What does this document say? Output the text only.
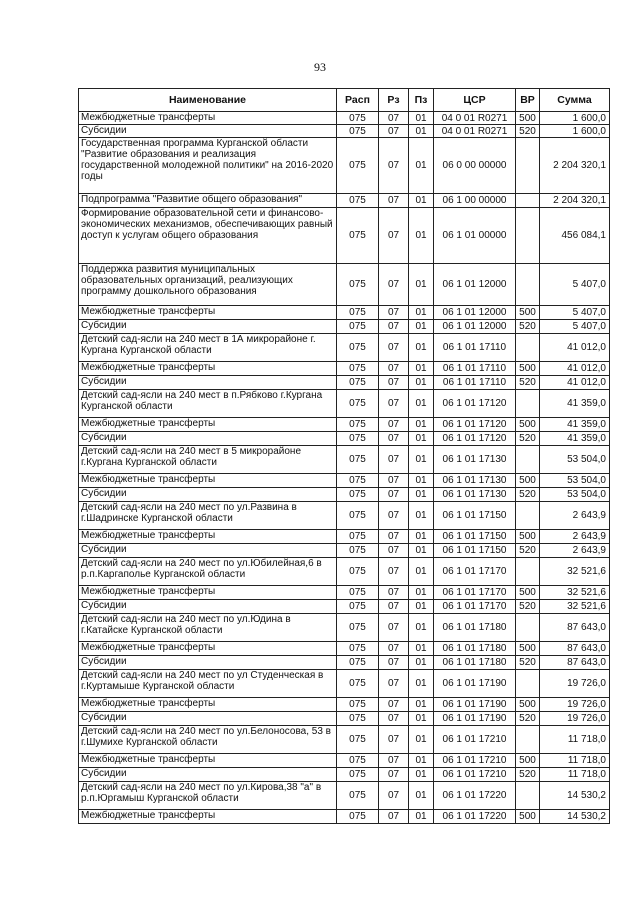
93
Наименование	Расп	Рз	Пз	ЦСР	ВР	Сумма
Межбюджетные трансферты	075	07	01	04 0 01 R0271	500	1 600,0
Субсидии	075	07	01	04 0 01 R0271	520	1 600,0
Государственная программа Курганской области "Развитие образования и реализация государственной молодежной политики" на 2016-2020 годы	075	07	01	06 0 00 00000		2 204 320,1
Подпрограмма "Развитие общего образования"	075	07	01	06 1 00 00000		2 204 320,1
Формирование образовательной сети и финансово-экономических механизмов, обеспечивающих равный доступ к услугам общего образования	075	07	01	06 1 01 00000		456 084,1
Поддержка развития муниципальных образовательных организаций, реализующих программу дошкольного образования	075	07	01	06 1 01 12000		5 407,0
Межбюджетные трансферты	075	07	01	06 1 01 12000	500	5 407,0
Субсидии	075	07	01	06 1 01 12000	520	5 407,0
Детский сад-ясли на 240 мест в 1А микрорайоне г. Кургана Курганской области	075	07	01	06 1 01 17110		41 012,0
Межбюджетные трансферты	075	07	01	06 1 01 17110	500	41 012,0
Субсидии	075	07	01	06 1 01 17110	520	41 012,0
Детский сад-ясли на 240 мест в п.Рябково г.Кургана Курганской области	075	07	01	06 1 01 17120		41 359,0
Межбюджетные трансферты	075	07	01	06 1 01 17120	500	41 359,0
Субсидии	075	07	01	06 1 01 17120	520	41 359,0
Детский сад-ясли на 240 мест в 5 микрорайоне г.Кургана Курганской области	075	07	01	06 1 01 17130		53 504,0
Межбюджетные трансферты	075	07	01	06 1 01 17130	500	53 504,0
Субсидии	075	07	01	06 1 01 17130	520	53 504,0
Детский сад-ясли на 240 мест по ул.Развина в г.Шадринске Курганской области	075	07	01	06 1 01 17150		2 643,9
Межбюджетные трансферты	075	07	01	06 1 01 17150	500	2 643,9
Субсидии	075	07	01	06 1 01 17150	520	2 643,9
Детский сад-ясли на 240 мест по ул.Юбилейная,6 в р.п.Каргаполье Курганской области	075	07	01	06 1 01 17170		32 521,6
Межбюджетные трансферты	075	07	01	06 1 01 17170	500	32 521,6
Субсидии	075	07	01	06 1 01 17170	520	32 521,6
Детский сад-ясли на 240 мест по ул.Юдина в г.Катайске Курганской области	075	07	01	06 1 01 17180		87 643,0
Межбюджетные трансферты	075	07	01	06 1 01 17180	500	87 643,0
Субсидии	075	07	01	06 1 01 17180	520	87 643,0
Детский сад-ясли на 240 мест по ул Студенческая в г.Куртамыше Курганской области	075	07	01	06 1 01 17190		19 726,0
Межбюджетные трансферты	075	07	01	06 1 01 17190	500	19 726,0
Субсидии	075	07	01	06 1 01 17190	520	19 726,0
Детский сад-ясли на 240 мест по ул.Белоносова, 53 в г.Шумихе Курганской области	075	07	01	06 1 01 17210		11 718,0
Межбюджетные трансферты	075	07	01	06 1 01 17210	500	11 718,0
Субсидии	075	07	01	06 1 01 17210	520	11 718,0
Детский сад-ясли на 240 мест по ул.Кирова,38 "а" в р.п.Юргамыш Курганской области	075	07	01	06 1 01 17220		14 530,2
Межбюджетные трансферты	075	07	01	06 1 01 17220	500	14 530,2
